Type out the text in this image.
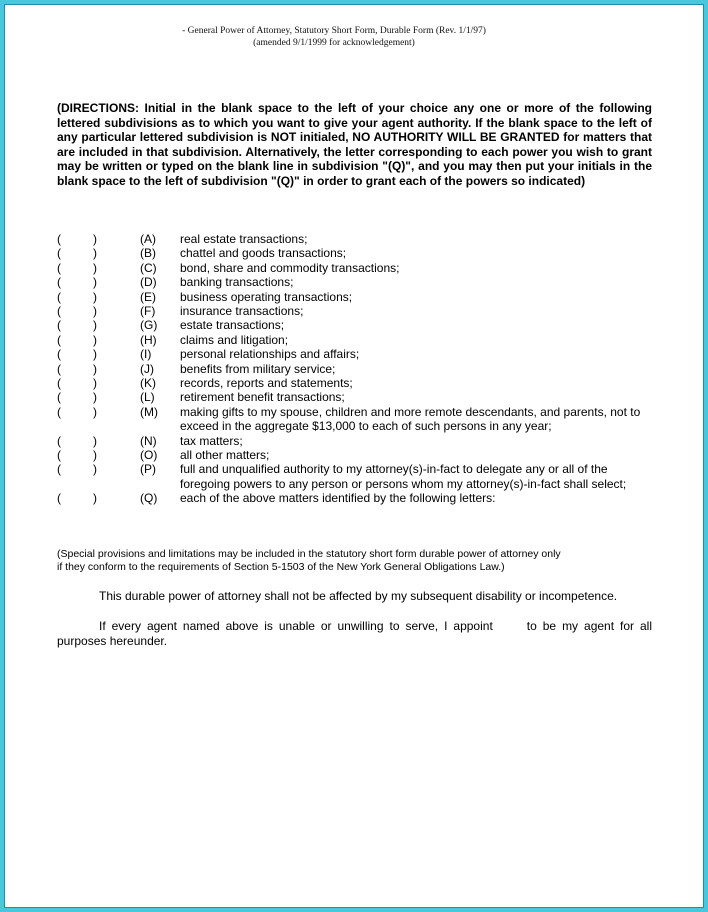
- General Power of Attorney, Statutory Short Form, Durable Form (Rev. 1/1/97)
(amended 9/1/1999 for acknowledgement)
(DIRECTIONS: Initial in the blank space to the left of your choice any one or more of the following lettered subdivisions as to which you want to give your agent authority. If the blank space to the left of any particular lettered subdivision is NOT initialed, NO AUTHORITY WILL BE GRANTED for matters that are included in that subdivision. Alternatively, the letter corresponding to each power you wish to grant may be written or typed on the blank line in subdivision "(Q)", and you may then put your initials in the blank space to the left of subdivision "(Q)" in order to grant each of the powers so indicated)
(	)	(A) real estate transactions;
(	)	(B) chattel and goods transactions;
(	)	(C) bond, share and commodity transactions;
(	)	(D) banking transactions;
(	)	(E) business operating transactions;
(	)	(F) insurance transactions;
(	)	(G) estate transactions;
(	)	(H) claims and litigation;
(	)	(I) personal relationships and affairs;
(	)	(J) benefits from military service;
(	)	(K) records, reports and statements;
(	)	(L) retirement benefit transactions;
(	)	(M) making gifts to my spouse, children and more remote descendants, and parents, not to exceed in the aggregate $13,000 to each of such persons in any year;
(	)	(N) tax matters;
(	)	(O) all other matters;
(	)	(P) full and unqualified authority to my attorney(s)-in-fact to delegate any or all of the foregoing powers to any person or persons whom my attorney(s)-in-fact shall select;
(	)	(Q) each of the above matters identified by the following letters:
(Special provisions and limitations may be included in the statutory short form durable power of attorney only
if they conform to the requirements of Section 5-1503 of the New York General Obligations Law.)
This durable power of attorney shall not be affected by my subsequent disability or incompetence.
If every agent named above is unable or unwilling to serve, I appoint	to be my agent for all purposes hereunder.
